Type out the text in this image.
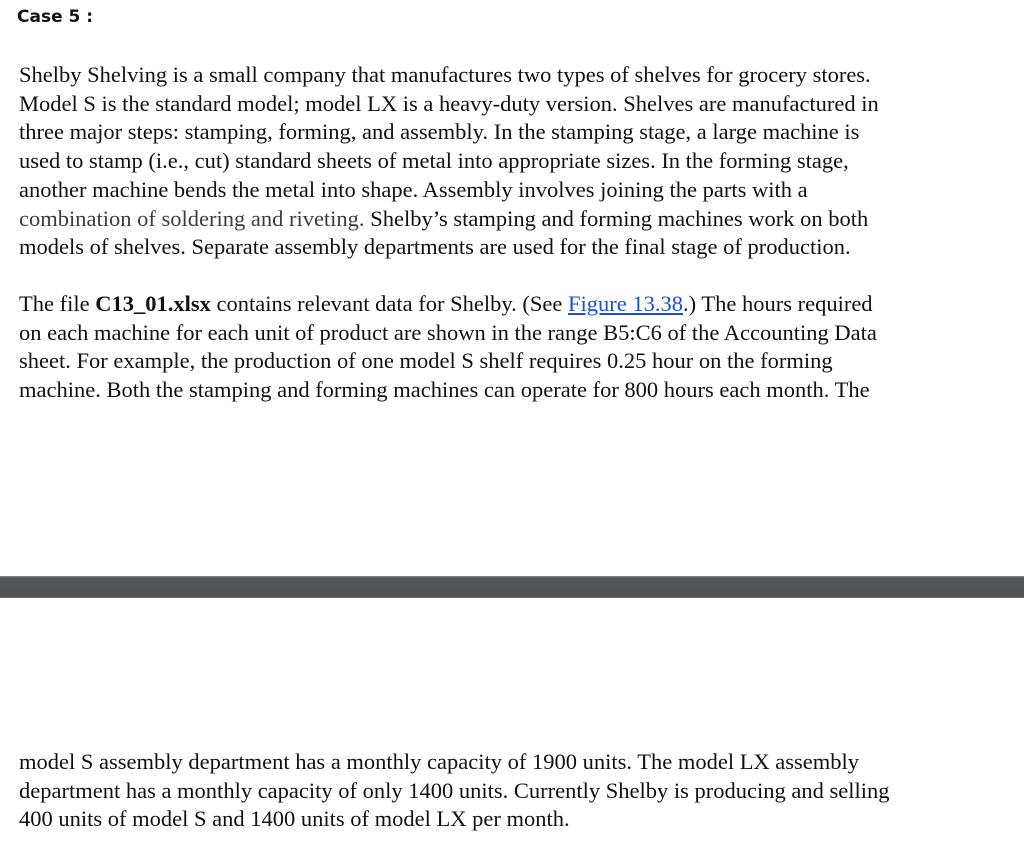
Case 5 :

Shelby Shelving is a small company that manufactures two types of shelves for grocery stores.
Model S is the standard model; model LX is a heavy-duty version. Shelves are manufactured in
three major steps: stamping, forming, and assembly. In the stamping stage, a large machine is
used to stamp (i.e., cut) standard sheets of metal into appropriate sizes. In the forming stage,
another machine bends the metal into shape. Assembly involves joining the parts with a
combination of soldering and riveting. Shelby’s stamping and forming machines work on both
models of shelves. Separate assembly departments are used for the final stage of production.

The file C13_01.xlsx contains relevant data for Shelby. (See Figure 13.38.) The hours required
on each machine for each unit of product are shown in the range B5:C6 of the Accounting Data
sheet. For example, the production of one model S shelf requires 0.25 hour on the forming
machine. Both the stamping and forming machines can operate for 800 hours each month. The

model S assembly department has a monthly capacity of 1900 units. The model LX assembly
department has a monthly capacity of only 1400 units. Currently Shelby is producing and selling
400 units of model S and 1400 units of model LX per month.
